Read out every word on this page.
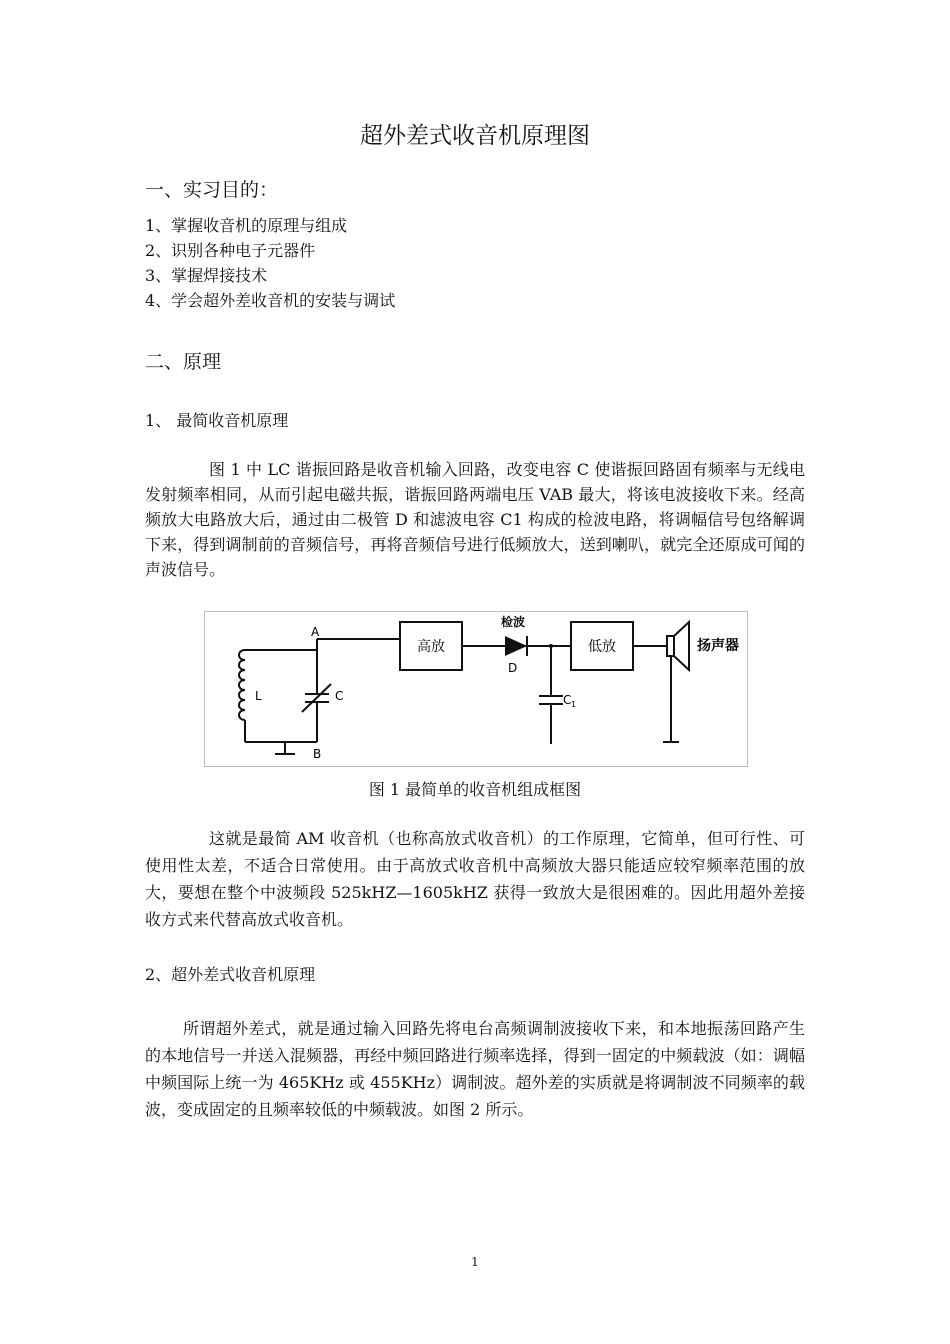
超外差式收音机原理图
一、实习目的：
1、掌握收音机的原理与组成
2、识别各种电子元器件
3、掌握焊接技术
4、学会超外差收音机的安装与调试
二、原理
1、 最简收音机原理
图 1 中 LC 谐振回路是收音机输入回路，改变电容 C 使谐振回路固有频率与无线电发射频率相同，从而引起电磁共振，谐振回路两端电压 VAB 最大，将该电波接收下来。经高频放大电路放大后，通过由二极管 D 和滤波电容 C1 构成的检波电路，将调幅信号包络解调下来，得到调制前的音频信号，再将音频信号进行低频放大，送到喇叭，就完全还原成可闻的声波信号。
A
B
L	C
高放
检波
D
C 1
低放	扬声器
图 1 最简单的收音机组成框图
这就是最简 AM 收音机（也称高放式收音机）的工作原理，它简单，但可行性、可使用性太差，不适合日常使用。由于高放式收音机中高频放大器只能适应较窄频率范围的放大，要想在整个中波频段 525kHZ—1605kHZ 获得一致放大是很困难的。因此用超外差接收方式来代替高放式收音机。
2、超外差式收音机原理
所谓超外差式，就是通过输入回路先将电台高频调制波接收下来，和本地振荡回路产生的本地信号一并送入混频器，再经中频回路进行频率选择，得到一固定的中频载波（如：调幅中频国际上统一为 465KHz 或 455KHz）调制波。超外差的实质就是将调制波不同频率的载波，变成固定的且频率较低的中频载波。如图 2 所示。
1
